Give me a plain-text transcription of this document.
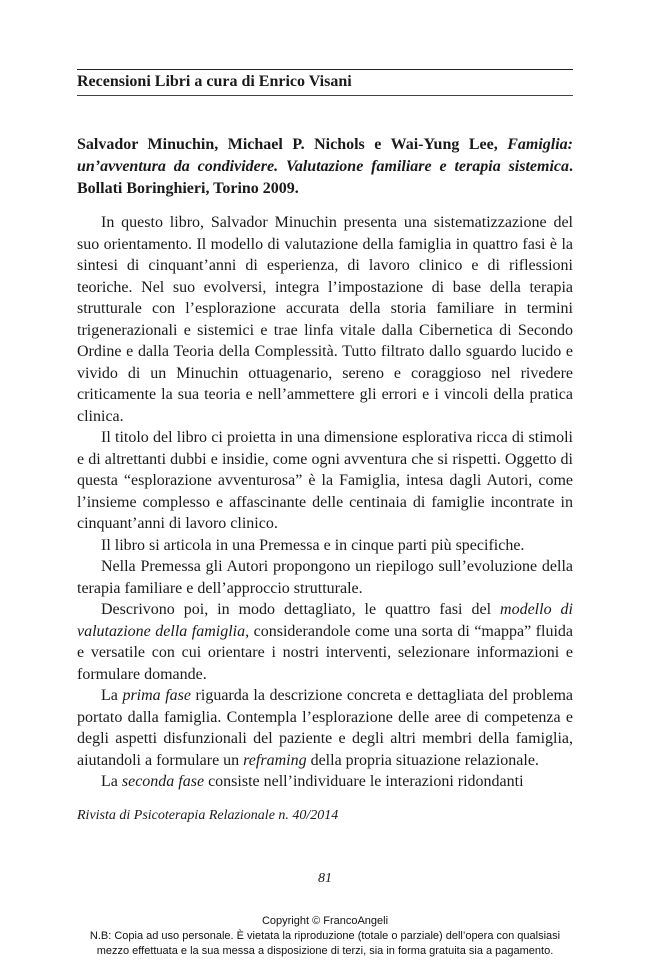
Recensioni Libri a cura di Enrico Visani
Salvador Minuchin, Michael P. Nichols e Wai-Yung Lee, Famiglia: un’avventura da condividere. Valutazione familiare e terapia sistemica. Bollati Boringhieri, Torino 2009.

In questo libro, Salvador Minuchin presenta una sistematizzazione del suo orientamento. Il modello di valutazione della famiglia in quattro fasi è la sintesi di cinquant’anni di esperienza, di lavoro clinico e di riflessioni teoriche. Nel suo evolversi, integra l’impostazione di base della terapia strutturale con l’esplorazione accurata della storia familiare in termini trigenerazionali e sistemici e trae linfa vitale dalla Cibernetica di Secondo Ordine e dalla Teoria della Complessità. Tutto filtrato dallo sguardo lucido e vivido di un Minuchin ottuagenario, sereno e coraggioso nel rivedere criticamente la sua teoria e nell’ammettere gli errori e i vincoli della pratica clinica.

Il titolo del libro ci proietta in una dimensione esplorativa ricca di stimoli e di altrettanti dubbi e insidie, come ogni avventura che si rispetti. Oggetto di questa “esplorazione avventurosa” è la Famiglia, intesa dagli Autori, come l’insieme complesso e affascinante delle centinaia di famiglie incontrate in cinquant’anni di lavoro clinico.

Il libro si articola in una Premessa e in cinque parti più specifiche.

Nella Premessa gli Autori propongono un riepilogo sull’evoluzione della terapia familiare e dell’approccio strutturale.

Descrivono poi, in modo dettagliato, le quattro fasi del modello di valutazione della famiglia, considerandole come una sorta di “mappa” fluida e versatile con cui orientare i nostri interventi, selezionare informazioni e formulare domande.

La prima fase riguarda la descrizione concreta e dettagliata del problema portato dalla famiglia. Contempla l’esplorazione delle aree di competenza e degli aspetti disfunzionali del paziente e degli altri membri della famiglia, aiutandoli a formulare un reframing della propria situazione relazionale.

La seconda fase consiste nell’individuare le interazioni ridondanti

Rivista di Psicoterapia Relazionale n. 40/2014
81
Copyright © FrancoAngeli
N.B: Copia ad uso personale. È vietata la riproduzione (totale o parziale) dell’opera con qualsiasi
mezzo effettuata e la sua messa a disposizione di terzi, sia in forma gratuita sia a pagamento.
